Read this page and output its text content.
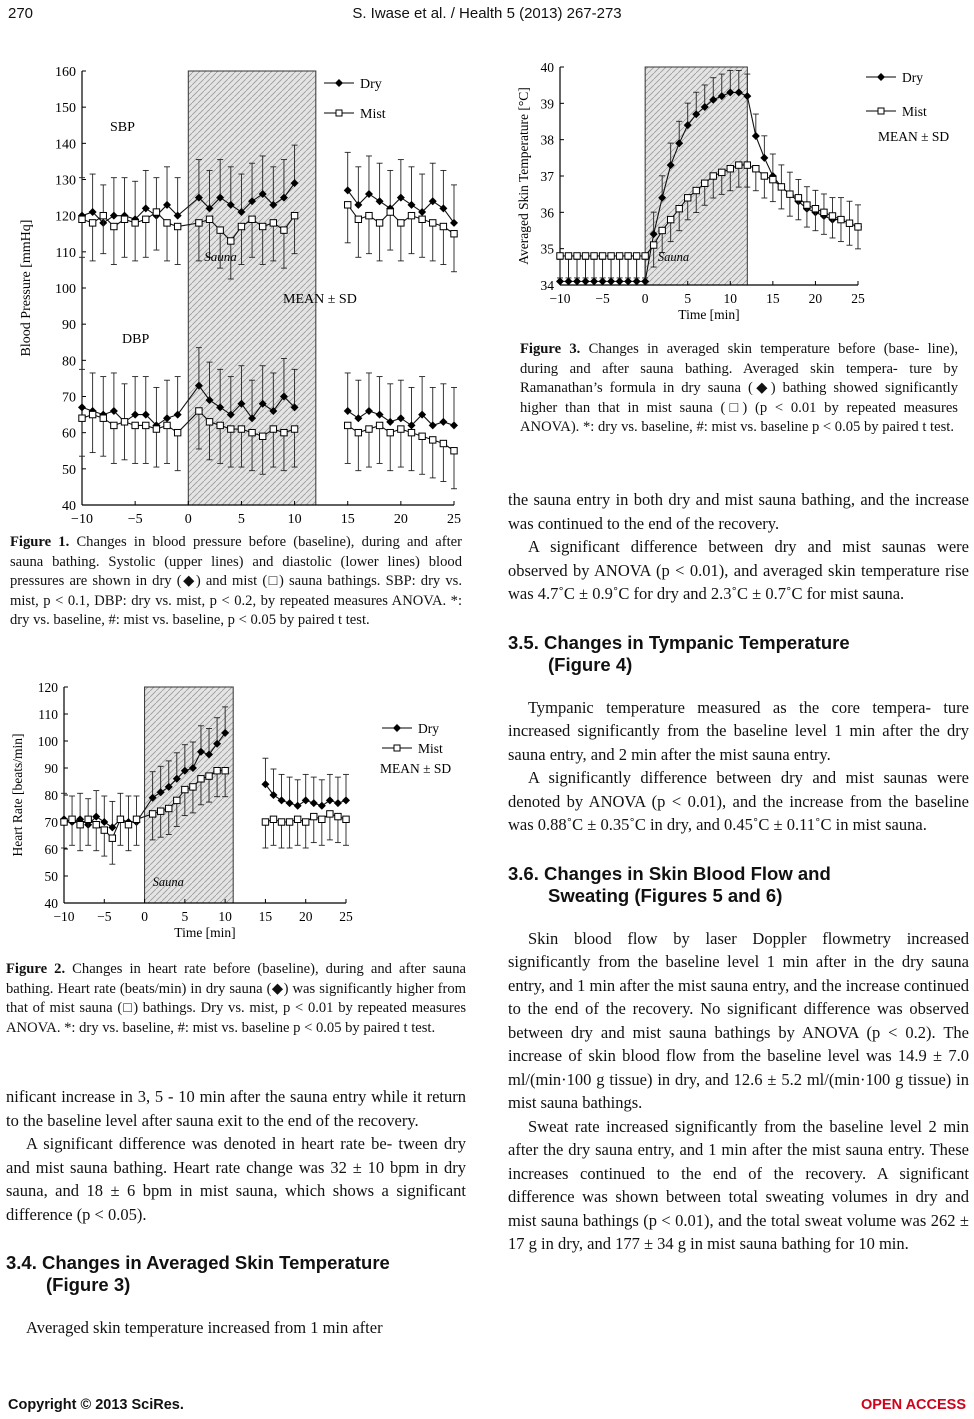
270	S. Iwase et al. / Health 5 (2013) 267-273
40
50
60
70
80
90
100
110
120
130
140
150
160
−10 −5	0	5	10	15	20	25
Blood Pressure [mmHq]
Dry
Mist
MEAN ± SD
Sauna
SBP
DBP
Figure 1. Changes in blood pressure before (baseline), during and after sauna bathing. Systolic (upper lines) and diastolic (lower lines) blood pressures are shown in dry (◆) and mist (□) sauna bathings. SBP: dry vs. mist, p < 0.1, DBP: dry vs. mist, p < 0.2, by repeated measures ANOVA. *: dry vs. baseline, #: mist vs. baseline, p < 0.05 by paired t test.
40
50
60
70
80
90
100
110
120
−10 −5 0 5 10 15 20 25
Time [min]
Heart Rate [beats/min]
Dry
Mist
MEAN ± SD
Sauna
Figure 2. Changes in heart rate before (baseline), during and after sauna bathing. Heart rate (beats/min) in dry sauna (◆) was significantly higher from that of mist sauna (□) bathings. Dry vs. mist, p < 0.01 by repeated measures ANOVA. *: dry vs. baseline, #: mist vs. baseline p < 0.05 by paired t test.
34
35
36
37
38
39
40
−10 −5 0	5 10 15 20 25
Time [min]
Averaged Skin Temperature [°C]
Dry
Mist
MEAN ± SD
Sauna
Figure 3. Changes in averaged skin temperature before (base- line), during and after sauna bathing. Averaged skin tempera- ture by Ramanathan’s formula in dry sauna (◆) bathing showed significantly higher than that in mist sauna (□) (p < 0.01 by repeated measures ANOVA). *: dry vs. baseline, #: mist vs. baseline p < 0.05 by paired t test.

nificant increase in 3, 5 - 10 min after the sauna entry while it return to the baseline level after sauna exit to the end of the recovery.

A significant difference was denoted in heart rate be- tween dry and mist sauna bathing. Heart rate change was 32 ± 10 bpm in dry sauna, and 18 ± 6 bpm in mist sauna, which shows a significant difference (p < 0.05).

3.4. Changes in Averaged Skin Temperature
(Figure 3)

Averaged skin temperature increased from 1 min after

the sauna entry in both dry and mist sauna bathing, and the increase was continued to the end of the recovery.

A significant difference between dry and mist saunas were observed by ANOVA (p < 0.01), and averaged skin temperature rise was 4.7˚C ± 0.9˚C for dry and 2.3˚C ± 0.7˚C for mist sauna.

3.5. Changes in Tympanic Temperature
(Figure 4)

Tympanic temperature measured as the core tempera- ture increased significantly from the baseline level 1 min after the dry sauna entry, and 2 min after the mist sauna entry.

A significantly difference between dry and mist saunas were denoted by ANOVA (p < 0.01), and the increase from the baseline was 0.88˚C ± 0.35˚C in dry, and 0.45˚C ± 0.11˚C in mist sauna.

3.6. Changes in Skin Blood Flow and
Sweating (Figures 5 and 6)

Skin blood flow by laser Doppler flowmetry increased significantly from the baseline level 1 min after in the dry sauna entry, and 1 min after the mist sauna entry, and the increase continued to the end of the recovery. No significant difference was observed between dry and mist sauna bathings by ANOVA (p < 0.2). The increase of skin blood flow from the baseline level was 14.9 ± 7.0 ml/(min·100 g tissue) in dry, and 12.6 ± 5.2 ml/(min·100 g tissue) in mist sauna bathings.

Sweat rate increased significantly from the baseline level 2 min after the dry sauna entry, and 1 min after the mist sauna entry. These increases continued to the end of the recovery. A significant difference was shown between total sweating volumes in dry and mist sauna bathings (p < 0.01), and the total sweat volume was 262 ± 17 g in dry, and 177 ± 34 g in mist sauna bathing for 10 min.

Copyright © 2013 SciRes.	OPEN ACCESS
